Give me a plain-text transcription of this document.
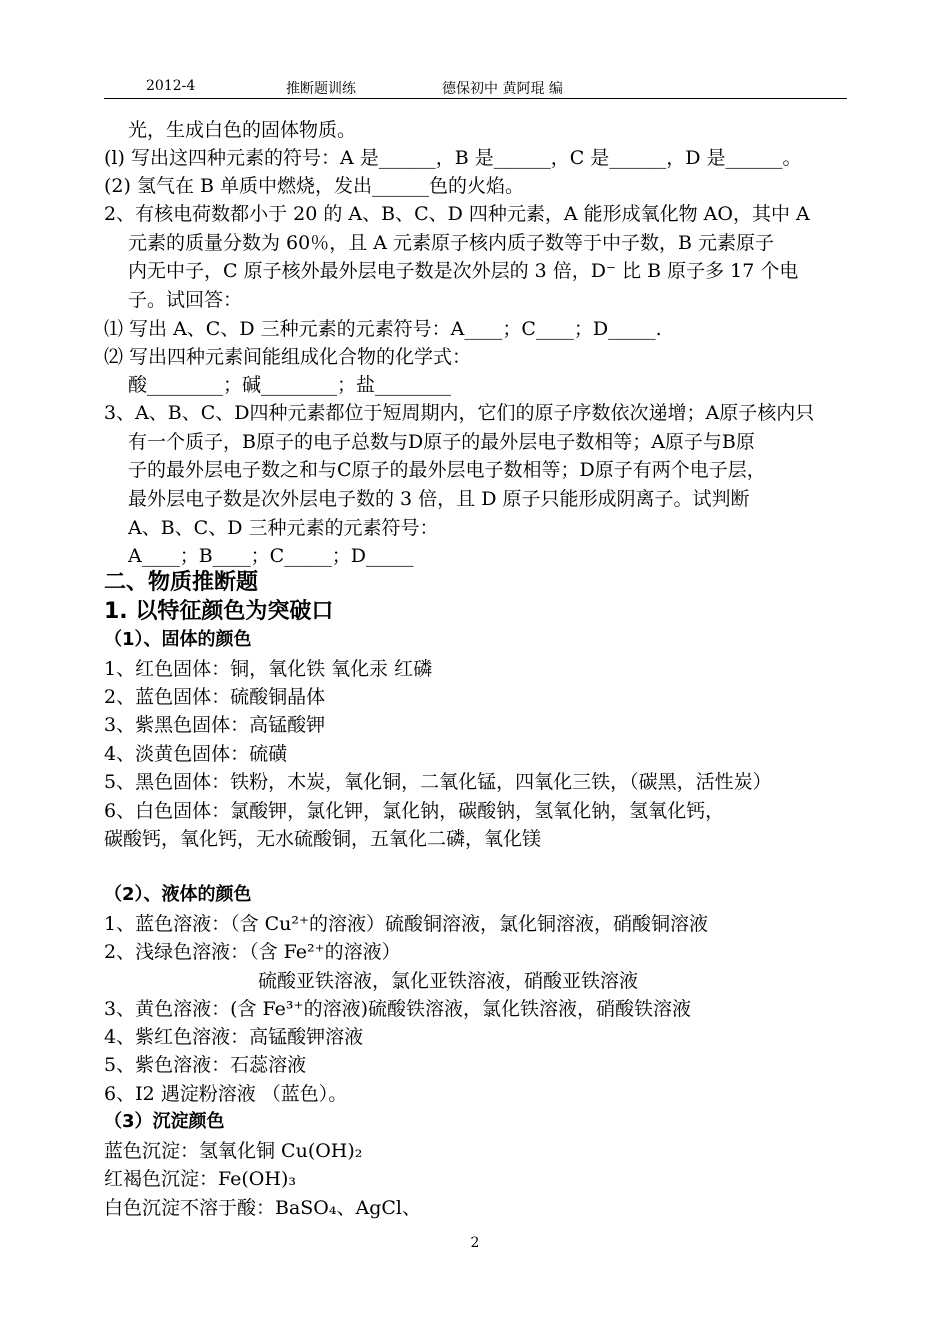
2012-4	推断题训练	德保初中 黄阿琨 编
光，生成白色的固体物质。
(l) 写出这四种元素的符号：A 是______，B 是______，C 是______，D 是______。
(2) 氢气在 B 单质中燃烧，发出______色的火焰。
2、有核电荷数都小于 20 的 A、B、C、D 四种元素，A 能形成氧化物 AO，其中 A
元素的质量分数为 60％，且 A 元素原子核内质子数等于中子数，B 元素原子
内无中子，C 原子核外最外层电子数是次外层的 3 倍，D⁻ 比 B 原子多 17 个电
子。试回答：
⑴ 写出 A、C、D 三种元素的元素符号：A____；C____；D_____.
⑵ 写出四种元素间能组成化合物的化学式：
酸________；碱________；盐________
3、A、B、C、D四种元素都位于短周期内，它们的原子序数依次递增；A原子核内只
有一个质子，B原子的电子总数与D原子的最外层电子数相等；A原子与B原
子的最外层电子数之和与C原子的最外层电子数相等；D原子有两个电子层，
最外层电子数是次外层电子数的 3 倍，且 D 原子只能形成阴离子。试判断
A、B、C、D 三种元素的元素符号：
A____；B____；C_____；D_____
二、物质推断题
1. 以特征颜色为突破口
（1）、固体的颜色
1、红色固体：铜，氧化铁 氧化汞 红磷
2、蓝色固体：硫酸铜晶体
3、紫黑色固体：高锰酸钾
4、淡黄色固体：硫磺
5、黑色固体：铁粉，木炭，氧化铜，二氧化锰，四氧化三铁，（碳黑，活性炭）
6、白色固体：氯酸钾，氯化钾，氯化钠，碳酸钠，氢氧化钠，氢氧化钙，
碳酸钙，氧化钙，无水硫酸铜，五氧化二磷，氧化镁
（2）、液体的颜色
1、蓝色溶液：（含 Cu²⁺的溶液）硫酸铜溶液，氯化铜溶液，硝酸铜溶液
2、浅绿色溶液：（含 Fe²⁺的溶液）
硫酸亚铁溶液，氯化亚铁溶液，硝酸亚铁溶液
3、黄色溶液：(含 Fe³⁺的溶液)硫酸铁溶液，氯化铁溶液，硝酸铁溶液
4、紫红色溶液：高锰酸钾溶液
5、紫色溶液：石蕊溶液
6、I2 遇淀粉溶液 （蓝色）。
（3）沉淀颜色
蓝色沉淀：氢氧化铜 Cu(OH)₂
红褐色沉淀：Fe(OH)₃
白色沉淀不溶于酸：BaSO₄、AgCl、
2
